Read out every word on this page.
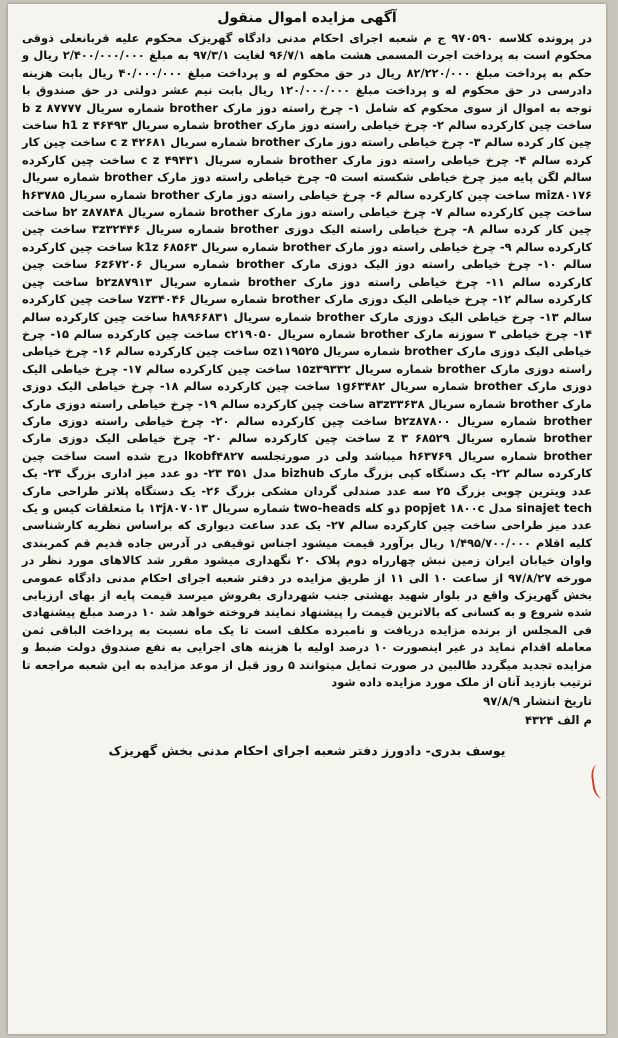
آگهی مزایده اموال منقول

در پرونده کلاسه ۹۷۰۵۹۰ ج م شعبه اجرای احکام مدنی دادگاه گهریزک محکوم علیه قربانعلی ذوقی محکوم است به پرداخت اجرت المسمی هشت ماهه ۹۶/۷/۱ لغایت ۹۷/۳/۱ به مبلغ ۲/۴۰۰/۰۰۰/۰۰۰ ریال و حکم به پرداخت مبلغ ۸۲/۲۲۰/۰۰۰ ریال در حق محکوم له و پرداخت مبلغ ۴۰/۰۰۰/۰۰۰ ریال بابت هزینه دادرسی در حق محکوم له و پرداخت مبلغ ۱۲۰/۰۰۰/۰۰۰ ریال بابت نیم عشر دولتی در حق صندوق با توجه به اموال از سوی محکوم که شامل ۱- چرخ راسته دوز مارک brother شماره سریال b z ۸۷۷۷۷ ساخت چین کارکرده سالم ۲- چرخ خیاطی راسته دوز مارک brother شماره سریال h1 z ۴۶۴۹۳ ساخت چین کار کرده سالم ۳- چرخ خیاطی راسته دوز مارک brother شماره سریال c z ۴۲۶۸۱ ساخت چین کار کرده سالم ۴- چرخ خیاطی راسته دوز مارک brother شماره سریال c z ۴۹۴۳۱ ساخت چین کارکرده سالم لگن پایه میز چرخ خیاطی شکسته است ۵- چرخ خیاطی راسته دوز مارک brother شماره سریال miz۸۰۱۷۶ ساخت چین کارکرده سالم ۶- چرخ خیاطی راسته دوز مارک brother شماره سریال h۶۳۷۸۵ ساخت چین کارکرده سالم ۷- چرخ خیاطی راسته دوز مارک brother شماره سریال b۲ z۸۷۸۴۸ ساخت چین کار کرده سالم ۸- چرخ خیاطی راسته الیک دوزی brother شماره سریال ۳z۳۲۴۴۶ ساخت چین کارکرده سالم ۹- چرخ خیاطی راسته دوز مارک brother شماره سریال k1z ۶۸۵۶۳ ساخت چین کارکرده سالم ۱۰- چرخ خیاطی راسته دوز الیک دوزی مارک brother شماره سریال ۶z۶۷۲۰۶ ساخت چین کارکرده سالم ۱۱- چرخ خیاطی راسته دوز مارک brother شماره سریال b۲z۸۷۹۱۳ ساخت چین کارکرده سالم ۱۲- چرخ خیاطی الیک دوزی مارک brother شماره سریال ۷z۳۴۰۴۶ ساخت چین کارکرده سالم ۱۳- چرخ خیاطی الیک دوزی مارک brother شماره سریال h۸۹۶۶۸۳۱ ساخت چین کارکرده سالم ۱۴- چرخ خیاطی ۳ سوزنه مارک brother شماره سریال c۲۱۹۰۵۰ ساخت چین کارکرده سالم ۱۵- چرخ خیاطی الیک دوزی مارک brother شماره سریال oz۱۱۹۵۲۵ ساخت چین کارکرده سالم ۱۶- چرخ خیاطی راسته دوزی مارک brother شماره سریال ۱۵z۳۹۳۳۲ ساخت چین کارکرده سالم ۱۷- چرخ خیاطی الیک دوزی مارک brother شماره سریال ۱g۶۳۴۸۲ ساخت چین کارکرده سالم ۱۸- چرخ خیاطی الیک دوزی مارک brother شماره سریال a۳z۳۳۶۳۸ ساخت چین کارکرده سالم ۱۹- چرخ خیاطی راسته دوزی مارک brother شماره سریال b۲z۸۷۸۰۰ ساخت چین کارکرده سالم ۲۰- چرخ خیاطی راسته دوزی مارک brother شماره سریال ۶۸۵۲۹ z ۳ ساخت چین کارکرده سالم ۲۰- چرخ خیاطی الیک دوزی مارک brother شماره سریال h۶۳۷۶۹ میباشد ولی در صورتجلسه lkobf۴۸۲۷ درج شده است ساخت چین کارکرده سالم ۲۲- یک دستگاه کپی بزرگ مارک bizhub مدل ۳۵۱ ۲۳- دو عدد میز اداری بزرگ ۲۴- یک عدد ویترین چوبی بزرگ ۲۵ سه عدد صندلی گردان مشکی بزرگ ۲۶- یک دستگاه پلاتر طراحی مارک sinajet tech مدل popjet ۱۸۰۰c دو کله two-heads شماره سریال ۱۳j۸۰۷۰۱۳ با متعلقات کیس و یک عدد میز طراحی ساخت چین کارکرده سالم ۲۷- یک عدد ساعت دیواری که براساس نظریه کارشناسی کلیه اقلام ۱/۴۹۵/۷۰۰/۰۰۰ ریال برآورد قیمت میشود اجناس توقیفی در آدرس جاده قدیم قم کمربندی واوان خیابان ایران زمین نبش چهارراه دوم پلاک ۲۰ نگهداری میشود مقرر شد کالاهای مورد نظر در مورخه ۹۷/۸/۲۷ از ساعت ۱۰ الی ۱۱ از طریق مزایده در دفتر شعبه اجرای احکام مدنی دادگاه عمومی بخش گهریزک واقع در بلوار شهید بهشتی جنب شهرداری بفروش میرسد قیمت پایه از بهای ارزیابی شده شروع و به کسانی که بالاترین قیمت را پیشنهاد نمایند فروخته خواهد شد ۱۰ درصد مبلغ پیشنهادی فی المجلس از برنده مزایده دریافت و نامبرده مکلف است تا یک ماه نسبت به پرداخت الباقی ثمن معامله اقدام نماید در غیر اینصورت ۱۰ درصد اولیه با هزینه های اجرایی به نفع صندوق دولت ضبط و مزایده تجدید میگردد طالبین در صورت تمایل میتوانند ۵ روز قبل از موعد مزایده به این شعبه مراجعه تا ترتیب بازدید آنان از ملک مورد مزایده داده شود

تاریخ انتشار ۹۷/۸/۹
م الف ۴۳۲۴
یوسف بدری- دادورز دفتر شعبه اجرای احکام مدنی بخش گهریزک
